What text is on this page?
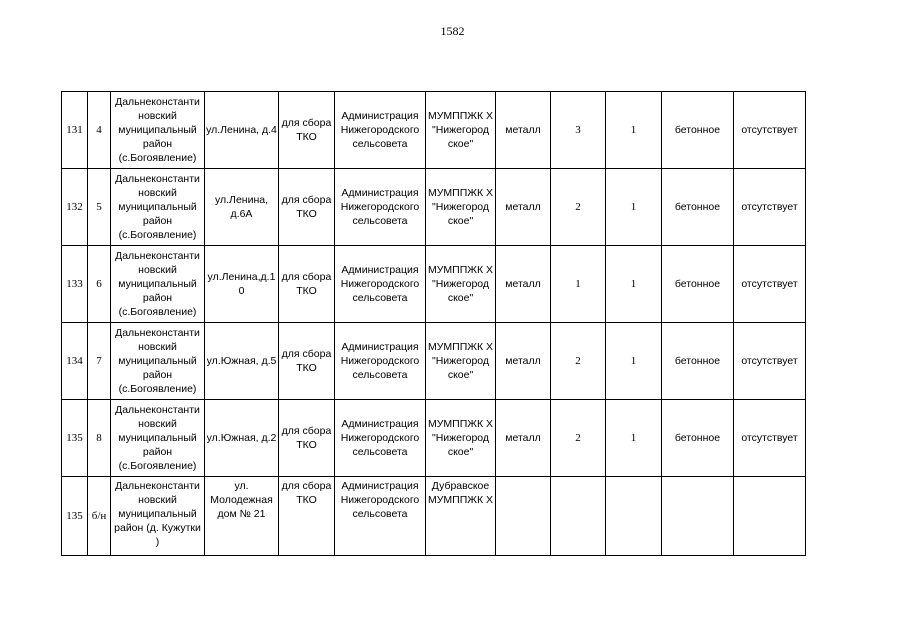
1582
131	4	Дальнеконстанти новский муниципальный район (с.Богоявление)	ул.Ленина, д.4	для сбора ТКО	Администрация Нижегородского сельсовета	МУМППЖК Х "Нижегород ское"	металл	3	1	бетонное	отсутствует
132	5	Дальнеконстанти новский муниципальный район (с.Богоявление)	ул.Ленина, д.6А	для сбора ТКО	Администрация Нижегородского сельсовета	МУМППЖК Х "Нижегород ское"	металл	2	1	бетонное	отсутствует
133	6	Дальнеконстанти новский муниципальный район (с.Богоявление)	ул.Ленина,д.1 0	для сбора ТКО	Администрация Нижегородского сельсовета	МУМППЖК Х "Нижегород ское"	металл	1	1	бетонное	отсутствует
134	7	Дальнеконстанти новский муниципальный район (с.Богоявление)	ул.Южная, д.5	для сбора ТКО	Администрация Нижегородского сельсовета	МУМППЖК Х "Нижегород ское"	металл	2	1	бетонное	отсутствует
135	8	Дальнеконстанти новский муниципальный район (с.Богоявление)	ул.Южная, д.2	для сбора ТКО	Администрация Нижегородского сельсовета	МУМППЖК Х "Нижегород ское"	металл	2	1	бетонное	отсутствует
135	б/н	Дальнеконстанти новский муниципальный район (д. Кужутки )	ул. Молодежная дом № 21	для сбора ТКО	Администрация Нижегородского сельсовета	Дубравское МУМППЖК Х					
